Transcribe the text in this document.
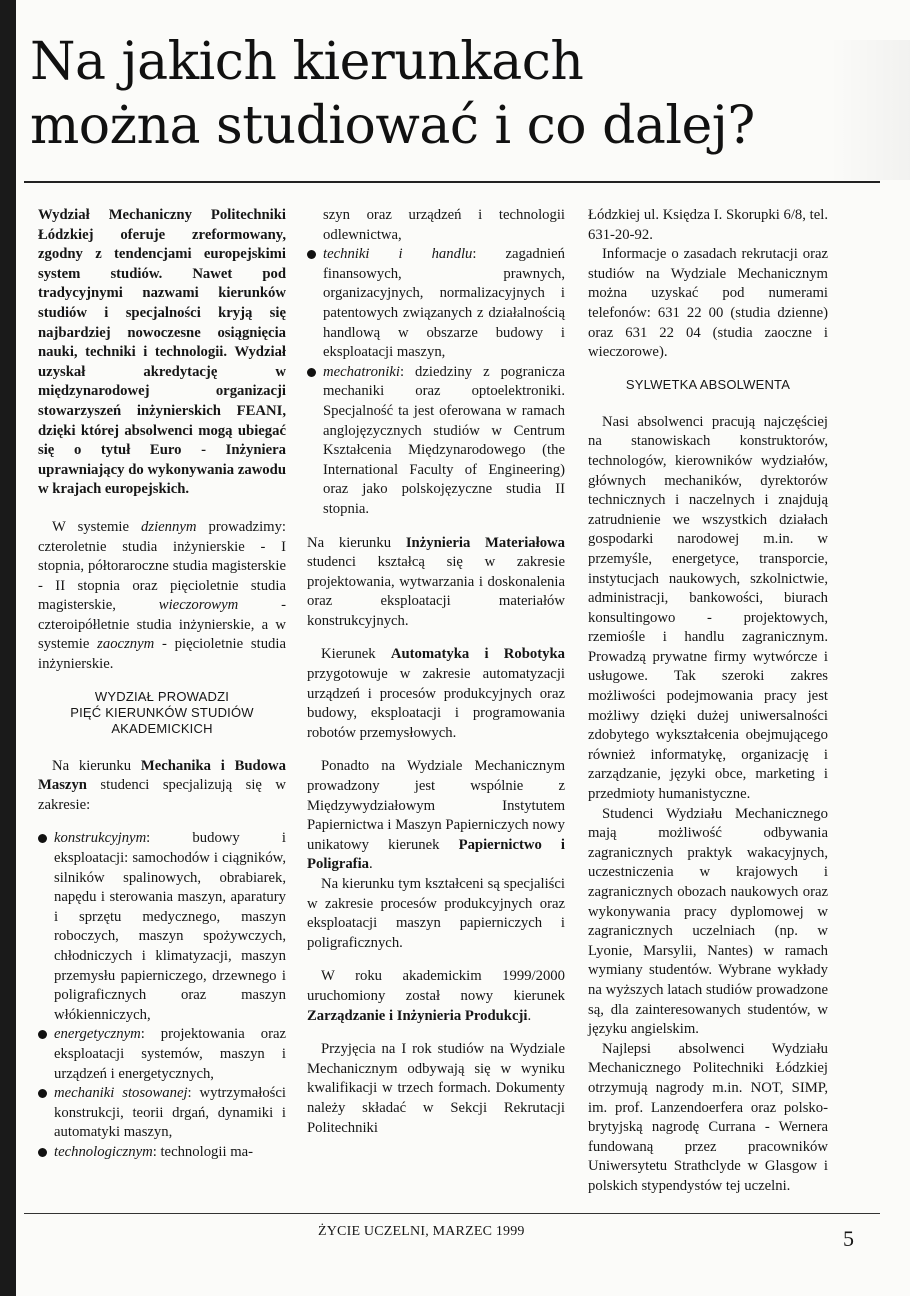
Na jakich kierunkach
można studiować i co dalej?

Wydział Mechaniczny Politechniki Łódzkiej oferuje zreformowany, zgodny z tendencjami europejskimi system studiów. Nawet pod tradycyjnymi nazwami kierunków studiów i specjalności kryją się najbardziej nowoczesne osiągnięcia nauki, techniki i technologii. Wydział uzyskał akredytację w międzynarodowej organizacji stowarzyszeń inżynierskich FEANI, dzięki której absolwenci mogą ubiegać się o tytuł Euro - Inżyniera uprawniający do wykonywania zawodu w krajach europejskich.

W systemie dziennym prowadzimy: czteroletnie studia inżynierskie - I stopnia, półtoraroczne studia magisterskie - II stopnia oraz pięcioletnie studia magisterskie, wieczorowym - czteroipółletnie studia inżynierskie, a w systemie zaocznym - pięcioletnie studia inżynierskie.

WYDZIAŁ PROWADZI
PIĘĆ KIERUNKÓW STUDIÓW
AKADEMICKICH

Na kierunku Mechanika i Budowa Maszyn studenci specjalizują się w zakresie:

konstrukcyjnym: budowy i eksploatacji: samochodów i ciągników, silników spalinowych, obrabiarek, napędu i sterowania maszyn, aparatury i sprzętu medycznego, maszyn roboczych, maszyn spożywczych, chłodniczych i klimatyzacji, maszyn przemysłu papierniczego, drzewnego i poligraficznych oraz maszyn włókienniczych,
energetycznym: projektowania oraz eksploatacji systemów, maszyn i urządzeń i energetycznych,
mechaniki stosowanej: wytrzymałości konstrukcji, teorii drgań, dynamiki i automatyki maszyn,
technologicznym: technologii ma-
szyn oraz urządzeń i technologii odlewnictwa,
techniki i handlu: zagadnień finansowych, prawnych, organizacyjnych, normalizacyjnych i patentowych związanych z działalnością handlową w obszarze budowy i eksploatacji maszyn,
mechatroniki: dziedziny z pogranicza mechaniki oraz optoelektroniki. Specjalność ta jest oferowana w ramach anglojęzycznych studiów w Centrum Kształcenia Międzynarodowego (the International Faculty of Engineering) oraz jako polskojęzyczne studia II stopnia.

Na kierunku Inżynieria Materiałowa studenci kształcą się w zakresie projektowania, wytwarzania i doskonalenia oraz eksploatacji materiałów konstrukcyjnych.

Kierunek Automatyka i Robotyka przygotowuje w zakresie automatyzacji urządzeń i procesów produkcyjnych oraz budowy, eksploatacji i programowania robotów przemysłowych.

Ponadto na Wydziale Mechanicznym prowadzony jest wspólnie z Międzywydziałowym Instytutem Papiernictwa i Maszyn Papierniczych nowy unikatowy kierunek Papiernictwo i Poligrafia.

Na kierunku tym kształceni są specjaliści w zakresie procesów produkcyjnych oraz eksploatacji maszyn papierniczych i poligraficznych.

W roku akademickim 1999/2000 uruchomiony został nowy kierunek Zarządzanie i Inżynieria Produkcji.

Przyjęcia na I rok studiów na Wydziale Mechanicznym odbywają się w wyniku kwalifikacji w trzech formach. Dokumenty należy składać w Sekcji Rekrutacji Politechniki

Łódzkiej ul. Księdza I. Skorupki 6/8, tel. 631-20-92.

Informacje o zasadach rekrutacji oraz studiów na Wydziale Mechanicznym można uzyskać pod numerami telefonów: 631 22 00 (studia dzienne) oraz 631 22 04 (studia zaoczne i wieczorowe).

SYLWETKA ABSOLWENTA

Nasi absolwenci pracują najczęściej na stanowiskach konstruktorów, technologów, kierowników wydziałów, głównych mechaników, dyrektorów technicznych i naczelnych i znajdują zatrudnienie we wszystkich działach gospodarki narodowej m.in. w przemyśle, energetyce, transporcie, instytucjach naukowych, szkolnictwie, administracji, bankowości, biurach konsultingowo - projektowych, rzemiośle i handlu zagranicznym. Prowadzą prywatne firmy wytwórcze i usługowe. Tak szeroki zakres możliwości podejmowania pracy jest możliwy dzięki dużej uniwersalności zdobytego wykształcenia obejmującego również informatykę, organizację i zarządzanie, języki obce, marketing i przedmioty humanistyczne.

Studenci Wydziału Mechanicznego mają możliwość odbywania zagranicznych praktyk wakacyjnych, uczestniczenia w krajowych i zagranicznych obozach naukowych oraz wykonywania pracy dyplomowej w zagranicznych uczelniach (np. w Lyonie, Marsylii, Nantes) w ramach wymiany studentów. Wybrane wykłady na wyższych latach studiów prowadzone są, dla zainteresowanych studentów, w języku angielskim.

Najlepsi absolwenci Wydziału Mechanicznego Politechniki Łódzkiej otrzymują nagrody m.in. NOT, SIMP, im. prof. Lanzendoerfera oraz polsko-brytyjską nagrodę Currana - Wernera fundowaną przez pracowników Uniwersytetu Strathclyde w Glasgow i polskich stypendystów tej uczelni.

ŻYCIE UCZELNI, MARZEC 1999	5
